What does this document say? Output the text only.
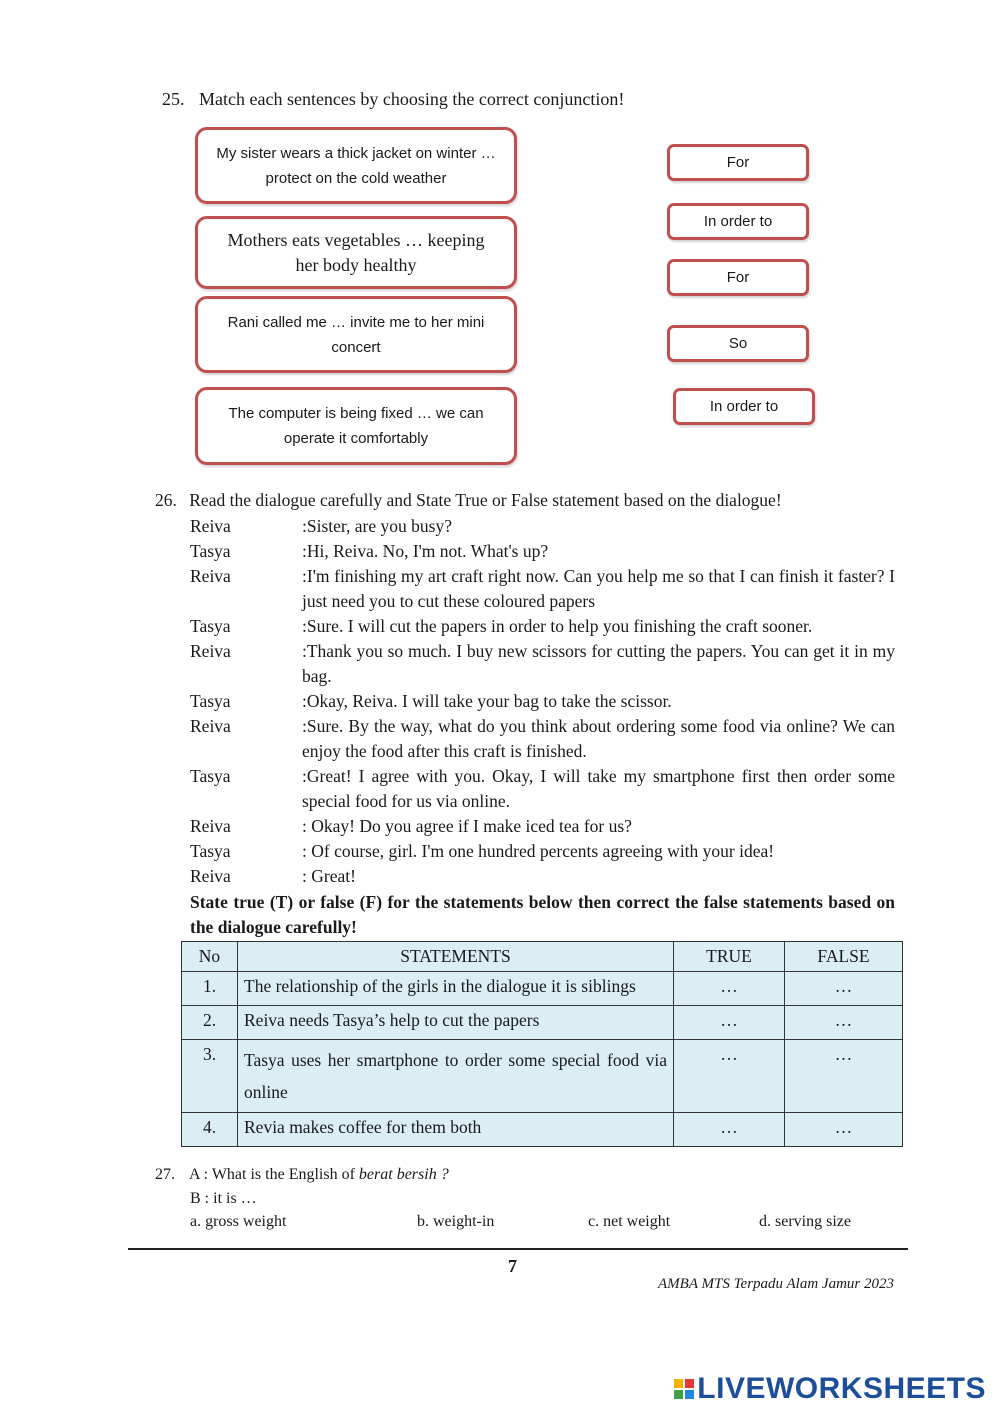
25. Match each sentences by choosing the correct conjunction!
My sister wears a thick jacket on winter … protect on the cold weather
Mothers eats vegetables … keeping her body healthy
Rani called me … invite me to her mini concert
The computer is being fixed … we can operate it comfortably
For
In order to
For
So
In order to
26. Read the dialogue carefully and State True or False statement based on the dialogue!
Reiva	:Sister, are you busy?
Tasya	:Hi, Reiva. No, I'm not. What's up?
Reiva	:I'm finishing my art craft right now. Can you help me so that I can finish it faster? I just need you to cut these coloured papers
Tasya	:Sure. I will cut the papers in order to help you finishing the craft sooner.
Reiva	:Thank you so much. I buy new scissors for cutting the papers. You can get it in my bag.
Tasya	:Okay, Reiva. I will take your bag to take the scissor.
Reiva	:Sure. By the way, what do you think about ordering some food via online? We can enjoy the food after this craft is finished.
Tasya	:Great! I agree with you. Okay, I will take my smartphone first then order some special food for us via online.
Reiva	: Okay! Do you agree if I make iced tea for us?
Tasya	: Of course, girl. I'm one hundred percents agreeing with your idea!
Reiva	: Great!
State true (T) or false (F) for the statements below then correct the false statements based on the dialogue carefully!
No	STATEMENTS	TRUE	FALSE
1.	The relationship of the girls in the dialogue it is siblings	…	…
2.	Reiva needs Tasya’s help to cut the papers	…	…
3.	Tasya uses her smartphone to order some special food via online	…	…
4.	Revia makes coffee for them both	…	…
27. A : What is the English of berat bersih ?
B : it is …
a. gross weight	b. weight-in	c. net weight	d. serving size
7
AMBA MTS Terpadu Alam Jamur 2023
LIVEWORKSHEETS
